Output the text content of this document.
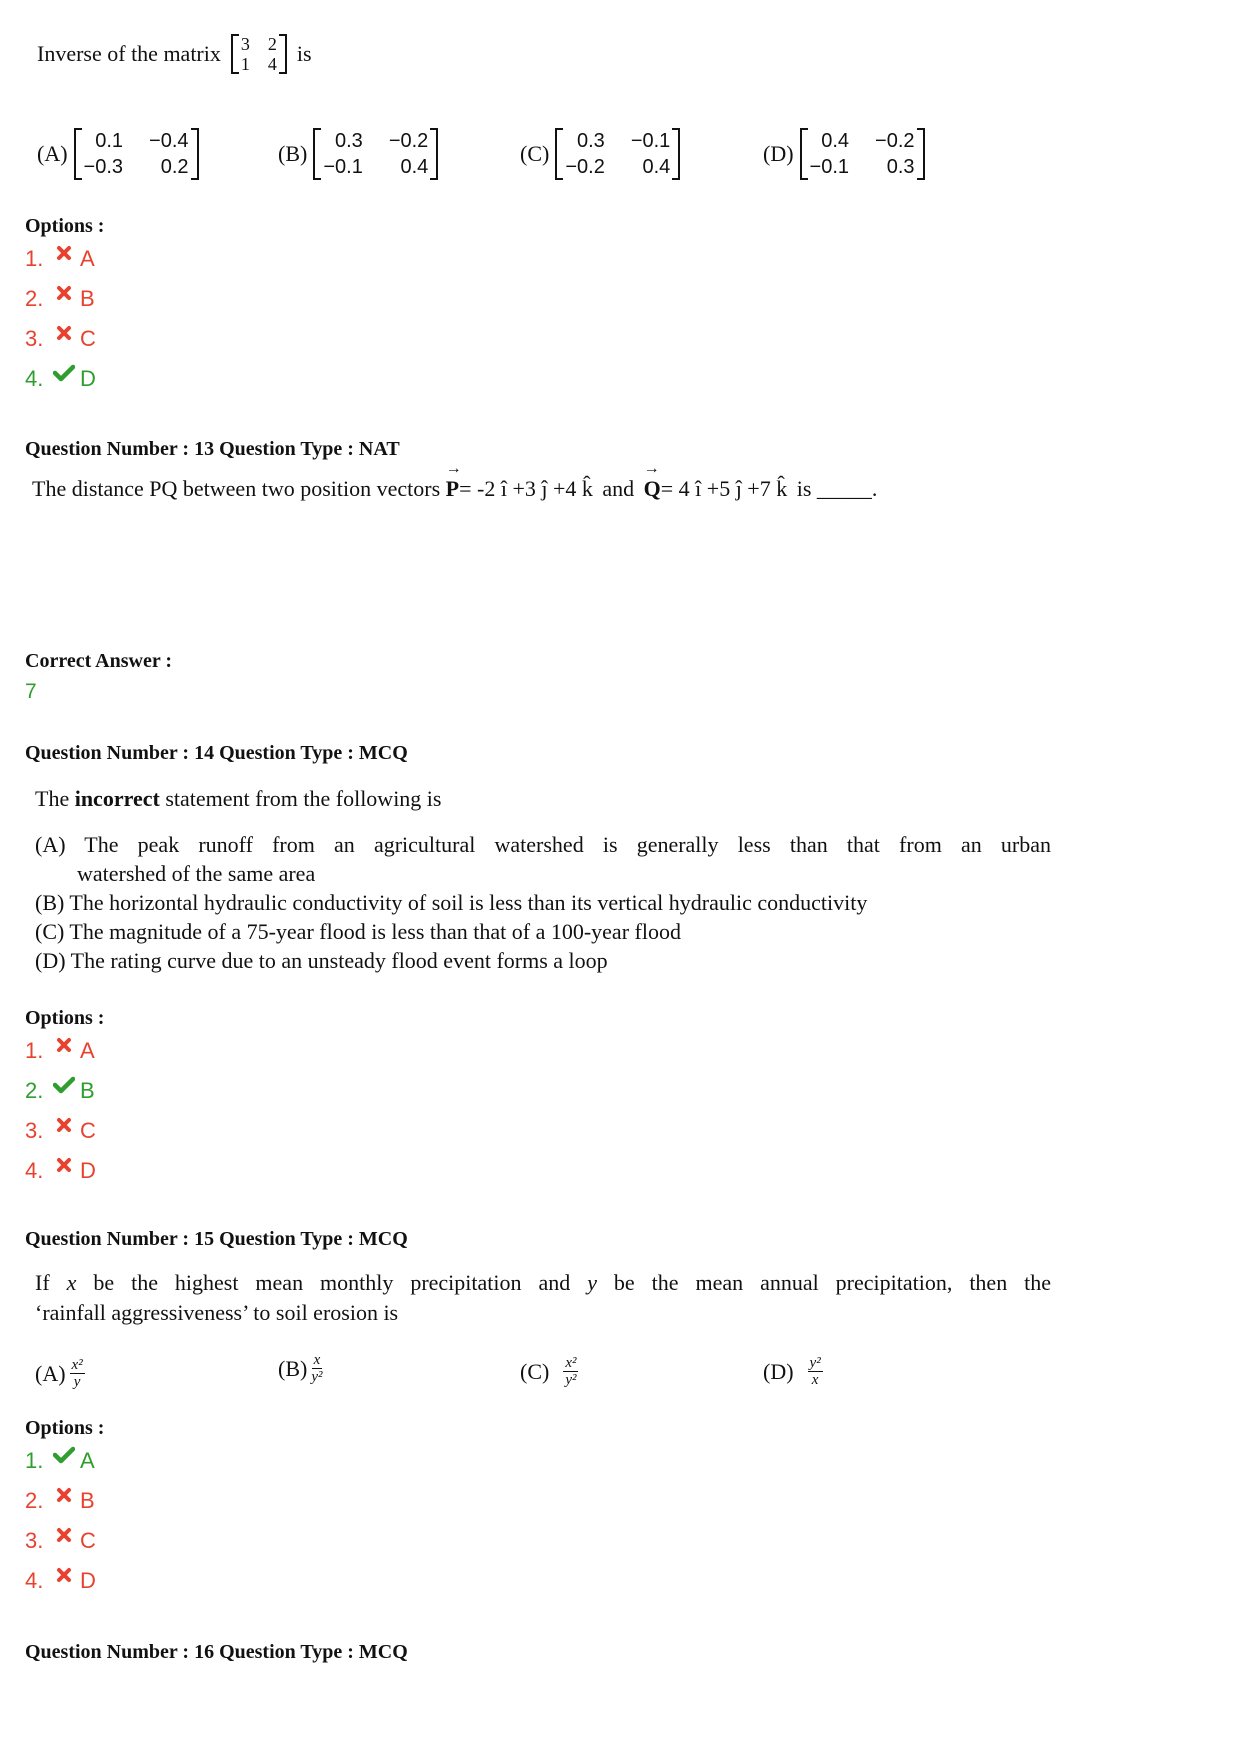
Inverse of the matrix 3 2
1 4 is
(A)	0.1 −0.4
−0.3	0.2
(B)	0.3 −0.2
−0.1	0.4
(C)	0.3 −0.1
−0.2	0.4
(D)	0.4 −0.2
−0.1	0.3
Options :
1.	A
2.	B
3.	C
4.	D
Question Number : 13 Question Type : NAT
The distance PQ between two position vectors → P= -2 î +3 ĵ +4 k̂ and → Q= 4 î +5 ĵ +7 k̂ is _____.
Correct Answer :
7
Question Number : 14 Question Type : MCQ
The incorrect statement from the following is
(A) The peak runoff from an agricultural watershed is generally less than that from an urban
watershed of the same area
(B) The horizontal hydraulic conductivity of soil is less than its vertical hydraulic conductivity
(C) The magnitude of a 75-year flood is less than that of a 100-year flood
(D) The rating curve due to an unsteady flood event forms a loop
Options :
1.	A
2.	B
3.	C
4.	D
Question Number : 15 Question Type : MCQ
If x be the highest mean monthly precipitation and y be the mean annual precipitation, then the
‘rainfall aggressiveness’ to soil erosion is
$(A) \frac{\text{x²}}{y}$	$(B) \frac{x}{\text{y²}}$	$(C) \frac{\text{x²}}{\text{y²}}$	$(D) \frac{\text{y²}}{x}$
Options :
1.	A
2.	B
3.	C
4.	D
Question Number : 16 Question Type : MCQ
